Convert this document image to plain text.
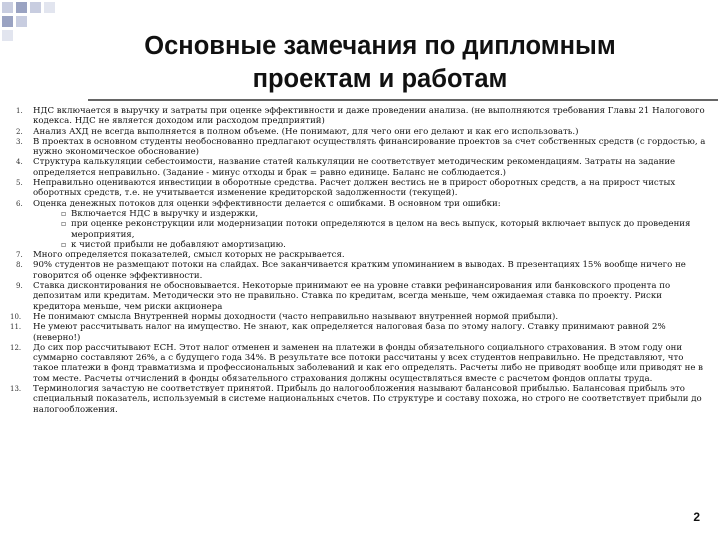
Основные замечания по дипломным
проектам и работам
1. НДС включается в выручку и затраты при оценке эффективности и даже проведении анализа. (не выполняются требования Главы 21 Налогового кодекса. НДС не является доходом или расходом предприятий)
2. Анализ АХД не всегда выполняется в полном объеме. (Не понимают, для чего они его делают и как его использовать.)
3. В проектах в основном студенты необоснованно предлагают осуществлять финансирование проектов за счет собственных средств (с гордостью, а нужно экономическое обоснование)
4. Структура калькуляции себестоимости, название статей калькуляции не соответствует методическим рекомендациям. Затраты на задание определяется неправильно. (Задание - минус отходы и брак = равно единице. Баланс не соблюдается.)
5. Неправильно оцениваются инвестиции в оборотные средства. Расчет должен вестись не в прирост оборотных средств, а на прирост чистых оборотных средств, т.е. не учитывается изменение кредиторской задолженности (текущей).
6. Оценка денежных потоков для оценки эффективности делается с ошибками. В основном три ошибки:
▫ Включается НДС в выручку и издержки,
▫ при оценке реконструкции или модернизации потоки определяются в целом на весь выпуск, который включает выпуск до проведения мероприятия,
▫ к чистой прибыли не добавляют амортизацию.
7. Много определяется показателей, смысл которых не раскрывается.
8. 90% студентов не размещают потоки на слайдах. Все заканчивается кратким упоминанием в выводах. В презентациях 15% вообще ничего не говорится об оценке эффективности.
9. Ставка дисконтирования не обосновывается. Некоторые принимают ее на уровне ставки рефинансирования или банковского процента по депозитам или кредитам. Методически это не правильно. Ставка по кредитам, всегда меньше, чем ожидаемая ставка по проекту. Риски кредитора меньше, чем риски акционера
10. Не понимают смысла Внутренней нормы доходности (часто неправильно называют внутренней нормой прибыли).
11. Не умеют рассчитывать налог на имущество. Не знают, как определяется налоговая база по этому налогу. Ставку принимают равной 2% (неверно!)
12. До сих пор рассчитывают ЕСН. Этот налог отменен и заменен на платежи в фонды обязательного социального страхования. В этом году они суммарно составляют 26%, а с будущего года 34%. В результате все потоки рассчитаны у всех студентов неправильно. Не представляют, что такое платежи в фонд травматизма и профессиональных заболеваний и как его определять. Расчеты либо не приводят вообще или приводят не в том месте. Расчеты отчислений в фонды обязательного страхования должны осуществляться вместе с расчетом фондов оплаты труда.
13. Терминология зачастую не соответствует принятой. Прибыль до налогообложения называют балансовой прибылью. Балансовая прибыль это специальный показатель, используемый в системе национальных счетов. По структуре и составу похожа, но строго не соответствует прибыли до налогообложения.
2
